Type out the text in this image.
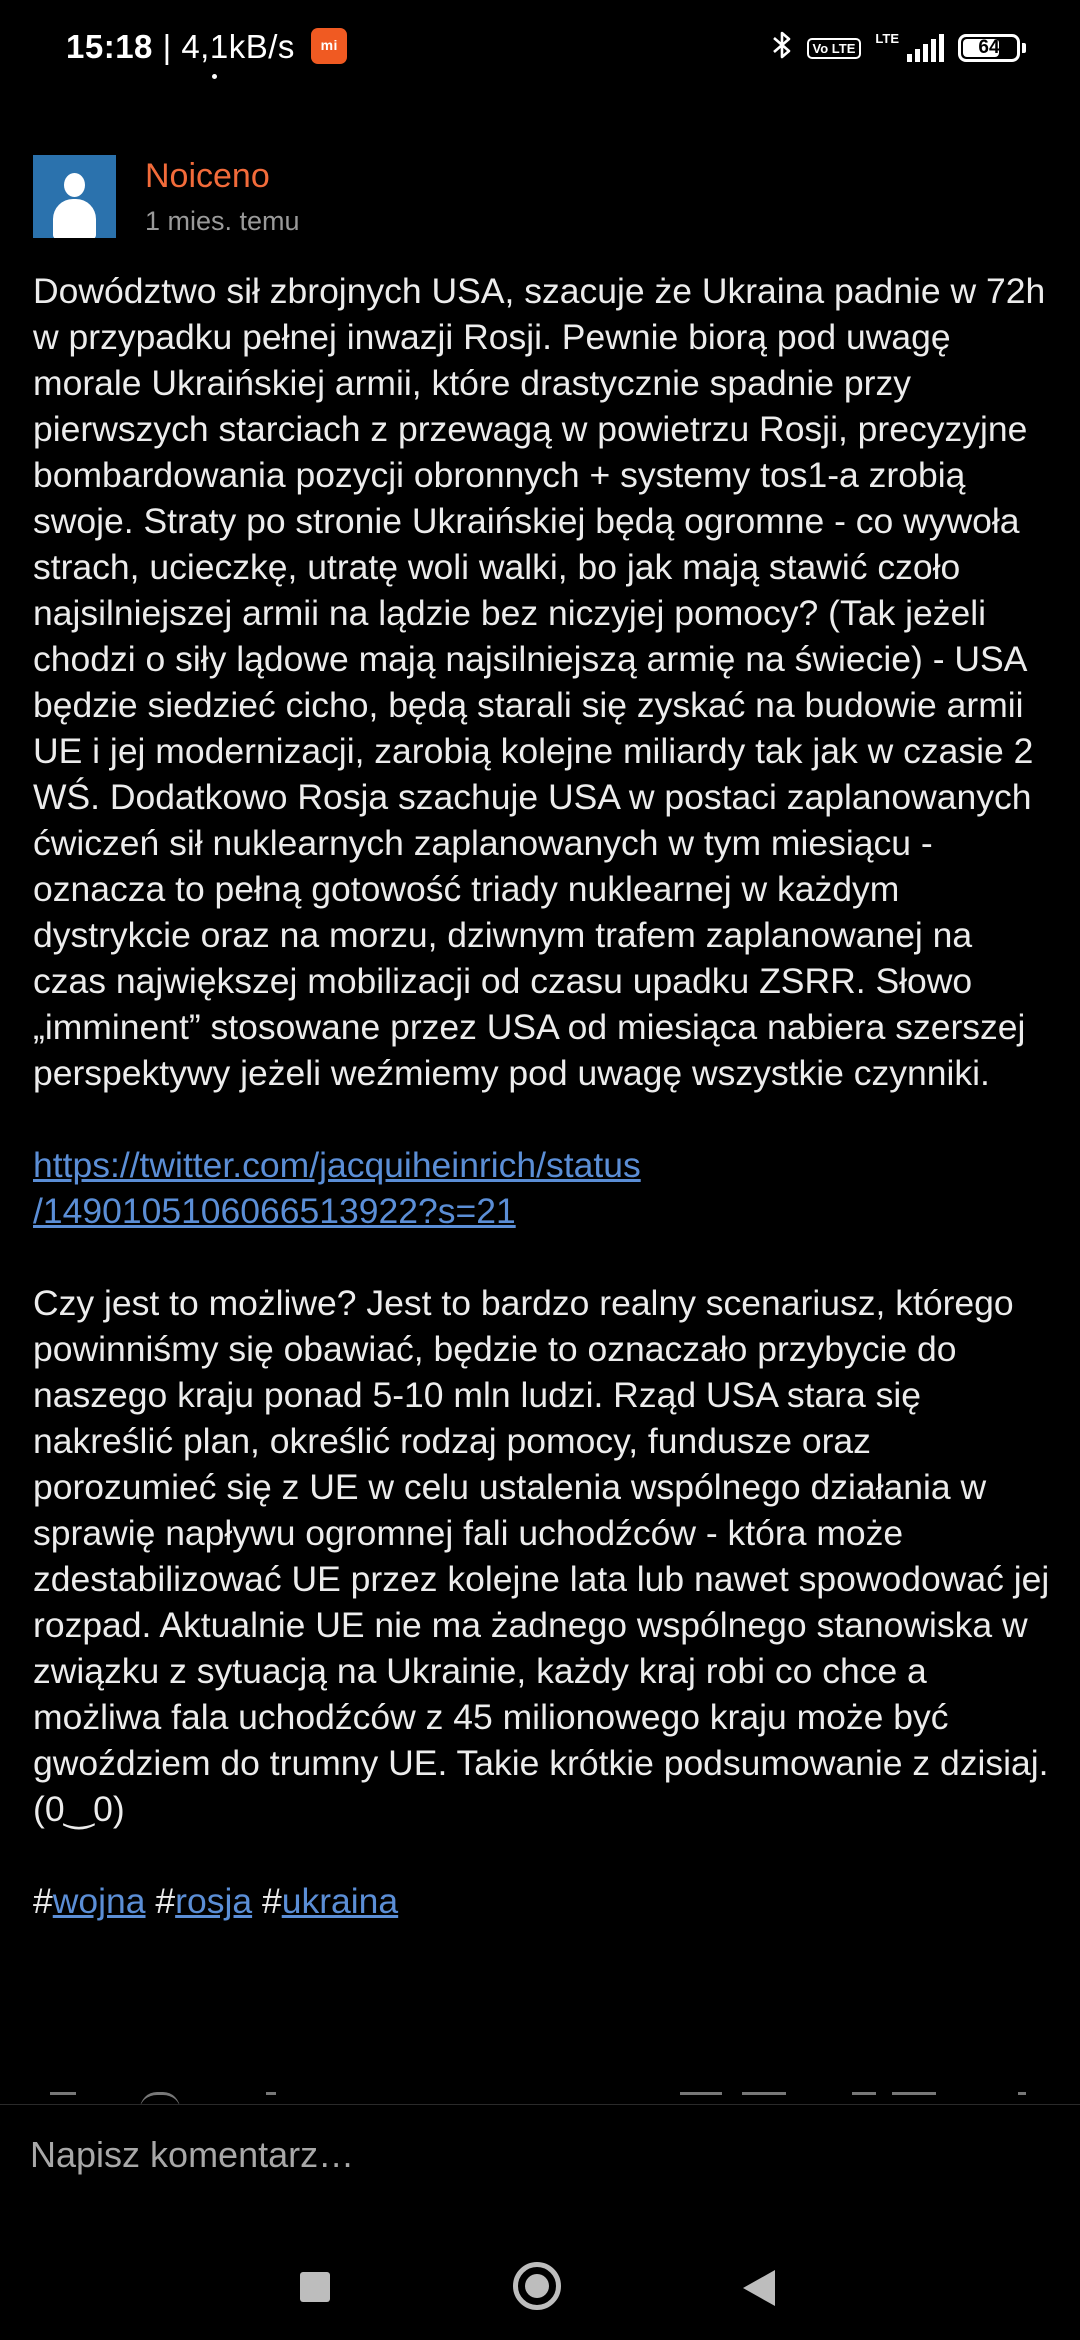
15:18 | 4,1kB/s mi	Vo LTE
LTE	64
Noiceno
1 mies. temu

Dowództwo sił zbrojnych USA, szacuje że Ukraina padnie w 72h w przypadku pełnej inwazji Rosji. Pewnie biorą pod uwagę morale Ukraińskiej armii, które drastycznie spadnie przy pierwszych starciach z przewagą w powietrzu Rosji, precyzyjne bombardowania pozycji obronnych + systemy tos1-a zrobią swoje. Straty po stronie Ukraińskiej będą ogromne - co wywoła strach, ucieczkę, utratę woli walki, bo jak mają stawić czoło najsilniejszej armii na lądzie bez niczyjej pomocy? (Tak jeżeli chodzi o siły lądowe mają najsilniejszą armię na świecie) - USA będzie siedzieć cicho, będą starali się zyskać na budowie armii UE i jej modernizacji, zarobią kolejne miliardy tak jak w czasie 2 WŚ. Dodatkowo Rosja szachuje USA w postaci zaplanowanych ćwiczeń sił nuklearnych zaplanowanych w tym miesiącu - oznacza to pełną gotowość triady nuklearnej w każdym dystrykcie oraz na morzu, dziwnym trafem zaplanowanej na czas największej mobilizacji od czasu upadku ZSRR. Słowo „imminent” stosowane przez USA od miesiąca nabiera szerszej perspektywy jeżeli weźmiemy pod uwagę wszystkie czynniki.

https://twitter.com/jacquiheinrich/status
/1490105106066513922?s=21

Czy jest to możliwe? Jest to bardzo realny scenariusz, którego powinniśmy się obawiać, będzie to oznaczało przybycie do naszego kraju ponad 5-10 mln ludzi. Rząd USA stara się nakreślić plan, określić rodzaj pomocy, fundusze oraz porozumieć się z UE w celu ustalenia wspólnego działania w sprawię napływu ogromnej fali uchodźców - która może zdestabilizować UE przez kolejne lata lub nawet spowodować jej rozpad. Aktualnie UE nie ma żadnego wspólnego stanowiska w związku z sytuacją na Ukrainie, każdy kraj robi co chce a możliwa fala uchodźców z 45 milionowego kraju może być gwoździem do trumny UE. Takie krótkie podsumowanie z dzisiaj.
(0‿0)

#wojna #rosja #ukraina

Napisz komentarz…
